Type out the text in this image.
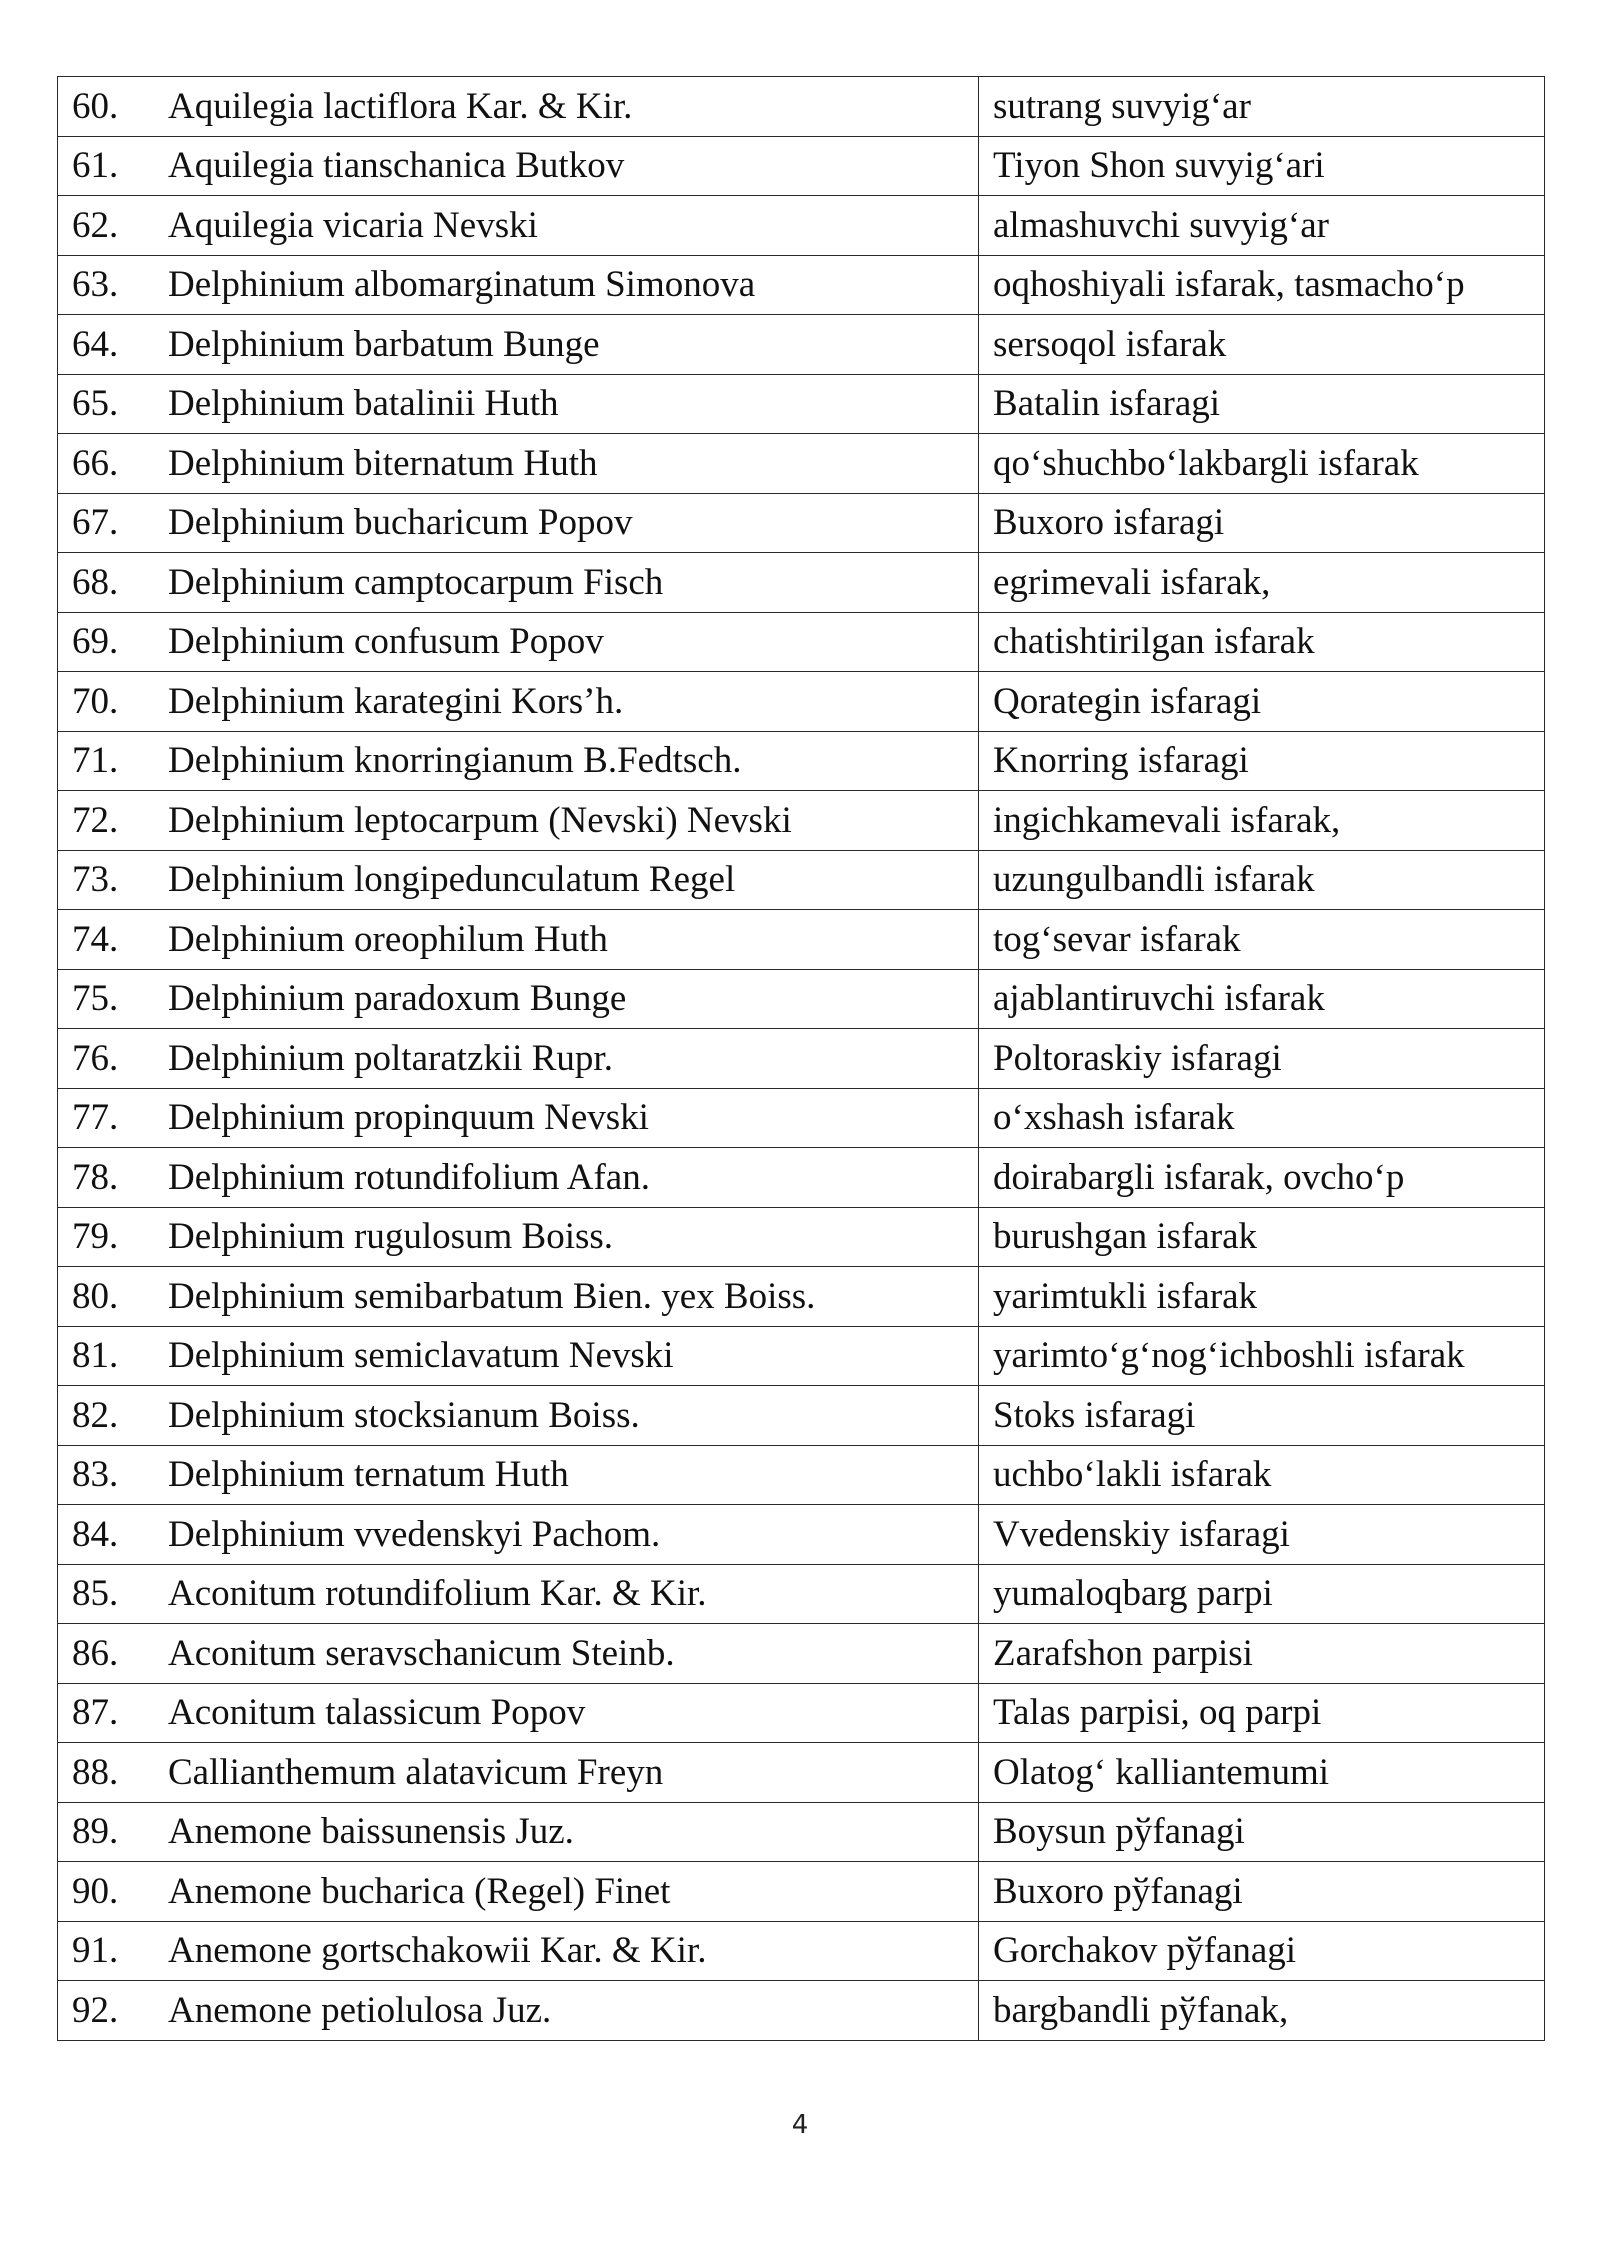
60. Aquilegia lactiflora Kar. & Kir.	sutrang suvyigʻar
61. Aquilegia tianschanica Butkov	Tiyon Shon suvyigʻari
62. Aquilegia vicaria Nevski	almashuvchi suvyigʻar
63. Delphinium albomarginatum Simonova	oqhoshiyali isfarak, tasmachoʻp
64. Delphinium barbatum Bunge	sersoqol isfarak
65. Delphinium batalinii Huth	Batalin isfaragi
66. Delphinium biternatum Huth	qoʻshuchboʻlakbargli isfarak
67. Delphinium bucharicum Popov	Buxoro isfaragi
68. Delphinium camptocarpum Fisch	egrimevali isfarak,
69. Delphinium confusum Popov	chatishtirilgan isfarak
70. Delphinium karategini Kors’h.	Qorategin isfaragi
71. Delphinium knorringianum B.Fedtsch.	Knorring isfaragi
72. Delphinium leptocarpum (Nevski) Nevski	ingichkamevali isfarak,
73. Delphinium longipedunculatum Regel	uzungulbandli isfarak
74. Delphinium oreophilum Huth	togʻsevar isfarak
75. Delphinium paradoxum Bunge	ajablantiruvchi isfarak
76. Delphinium poltaratzkii Rupr.	Poltoraskiy isfaragi
77. Delphinium propinquum Nevski	oʻxshash isfarak
78. Delphinium rotundifolium Afan.	doirabargli isfarak, ovchoʻp
79. Delphinium rugulosum Boiss.	burushgan isfarak
80. Delphinium semibarbatum Bien. yex Boiss.	yarimtukli isfarak
81. Delphinium semiclavatum Nevski	yarimtoʻgʻnogʻichboshli isfarak
82. Delphinium stocksianum Boiss.	Stoks isfaragi
83. Delphinium ternatum Huth	uchboʻlakli isfarak
84. Delphinium vvedenskyi Pachom.	Vvedenskiy isfaragi
85. Aconitum rotundifolium Kar. & Kir.	yumaloqbarg parpi
86. Aconitum seravschanicum Steinb.	Zarafshon parpisi
87. Aconitum talassicum Popov	Talas parpisi, oq parpi
88. Callianthemum alatavicum Freyn	Olatogʻ kalliantemumi
89. Anemone baissunensis Juz.	Boysun pўfanagi
90. Anemone bucharica (Regel) Finet	Buxoro pўfanagi
91. Anemone gortschakowii Kar. & Kir.	Gorchakov pўfanagi
92. Anemone petiolulosa Juz.	bargbandli pўfanak,
4
